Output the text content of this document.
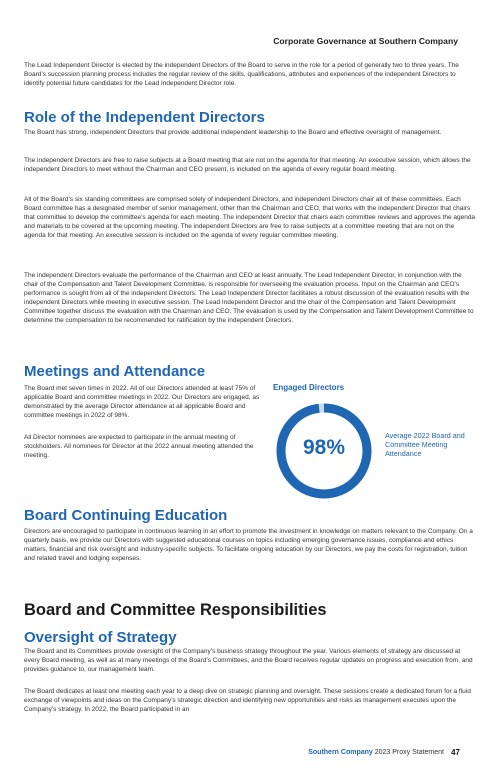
Corporate Governance at Southern Company

The Lead Independent Director is elected by the independent Directors of the Board to serve in the role for a period of generally two to three years. The Board’s succession planning process includes the regular review of the skills, qualifications, attributes and experiences of the independent Directors to identify potential future candidates for the Lead Independent Director role.

Role of the Independent Directors

The Board has strong, independent Directors that provide additional independent leadership to the Board and effective oversight of management.

The independent Directors are free to raise subjects at a Board meeting that are not on the agenda for that meeting. An executive session, which allows the independent Directors to meet without the Chairman and CEO present, is included on the agenda of every regular board meeting.

All of the Board’s six standing committees are comprised solely of independent Directors, and independent Directors chair all of these committees. Each Board committee has a designated member of senior management, other than the Chairman and CEO, that works with the independent Director that chairs that committee to develop the committee’s agenda for each meeting. The independent Director that chairs each committee reviews and approves the agenda and materials to be covered at the upcoming meeting. The independent Directors are free to raise subjects at a committee meeting that are not on the agenda for that meeting. An executive session is included on the agenda of every regular committee meeting.

The independent Directors evaluate the performance of the Chairman and CEO at least annually. The Lead Independent Director, in conjunction with the chair of the Compensation and Talent Development Committee, is responsible for overseeing the evaluation process. Input on the Chairman and CEO’s performance is sought from all of the independent Directors. The Lead Independent Director facilitates a robust discussion of the evaluation results with the independent Directors while meeting in executive session. The Lead Independent Director and the chair of the Compensation and Talent Development Committee together discuss the evaluation with the Chairman and CEO. The evaluation is used by the Compensation and Talent Development Committee to determine the compensation to be recommended for ratification by the independent Directors.

Meetings and Attendance

The Board met seven times in 2022. All of our Directors attended at least 75% of applicable Board and committee meetings in 2022. Our Directors are engaged, as demonstrated by the average Director attendance at all applicable Board and committee meetings in 2022 of 98%.

All Director nominees are expected to participate in the annual meeting of stockholders. All nominees for Director at the 2022 annual meeting attended the meeting.

Engaged Directors
98%
Average 2022 Board and Committee Meeting Attendance
Board Continuing Education

Directors are encouraged to participate in continuous learning in an effort to promote the investment in knowledge on matters relevant to the Company. On a quarterly basis, we provide our Directors with suggested educational courses on topics including emerging governance issues, compliance and ethics matters, financial and risk oversight and industry-specific subjects. To facilitate ongoing education by our Directors, we pay the costs for registration, tuition and related travel and lodging expenses.

Board and Committee Responsibilities
Oversight of Strategy

The Board and its Committees provide oversight of the Company’s business strategy throughout the year. Various elements of strategy are discussed at every Board meeting, as well as at many meetings of the Board’s Committees, and the Board receives regular updates on progress and execution from, and provides guidance to, our management team.

The Board dedicates at least one meeting each year to a deep dive on strategic planning and oversight. These sessions create a dedicated forum for a fluid exchange of viewpoints and ideas on the Company’s strategic direction and identifying new opportunities and risks as management executes upon the Company’s strategy. In 2022, the Board participated in an

Southern Company 2023 Proxy Statement 47
